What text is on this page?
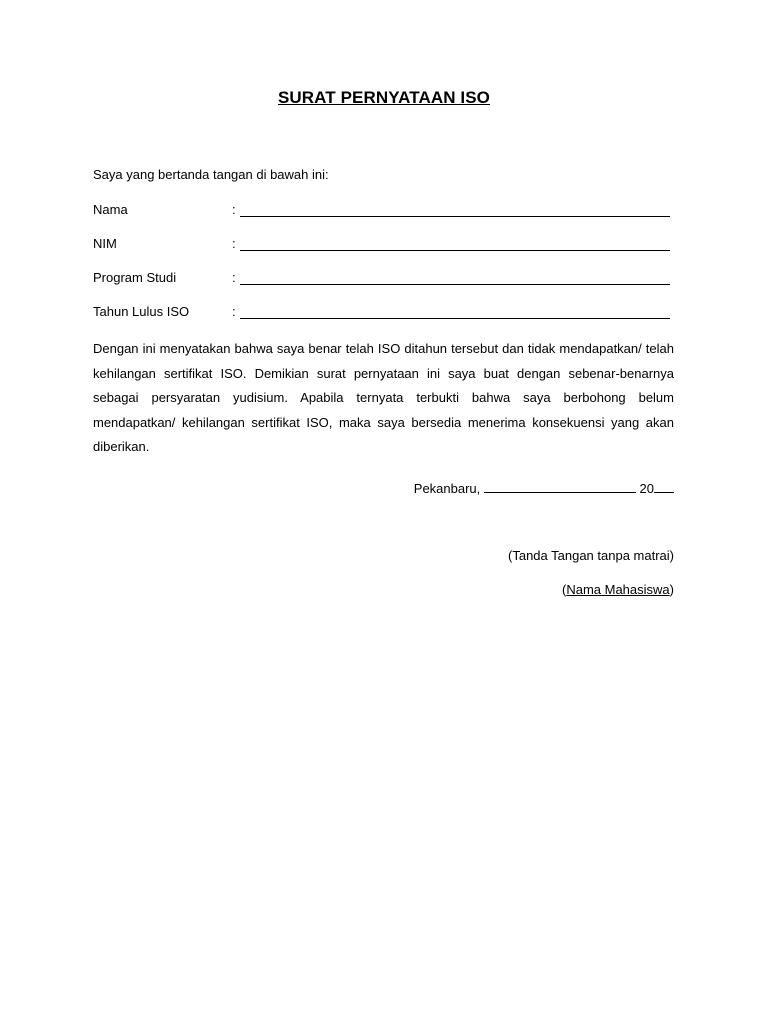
SURAT PERNYATAAN ISO
Saya yang bertanda tangan di bawah ini:
Nama	:
NIM	:
Program Studi	:
Tahun Lulus ISO	:

Dengan ini menyatakan bahwa saya benar telah ISO ditahun tersebut dan tidak mendapatkan/ telah kehilangan sertifikat ISO. Demikian surat pernyataan ini saya buat dengan sebenar-benarnya sebagai persyaratan yudisium. Apabila ternyata terbukti bahwa saya berbohong belum mendapatkan/ kehilangan sertifikat ISO, maka saya bersedia menerima konsekuensi yang akan diberikan.

Pekanbaru,	20
(Tanda Tangan tanpa matrai)
(Nama Mahasiswa)
